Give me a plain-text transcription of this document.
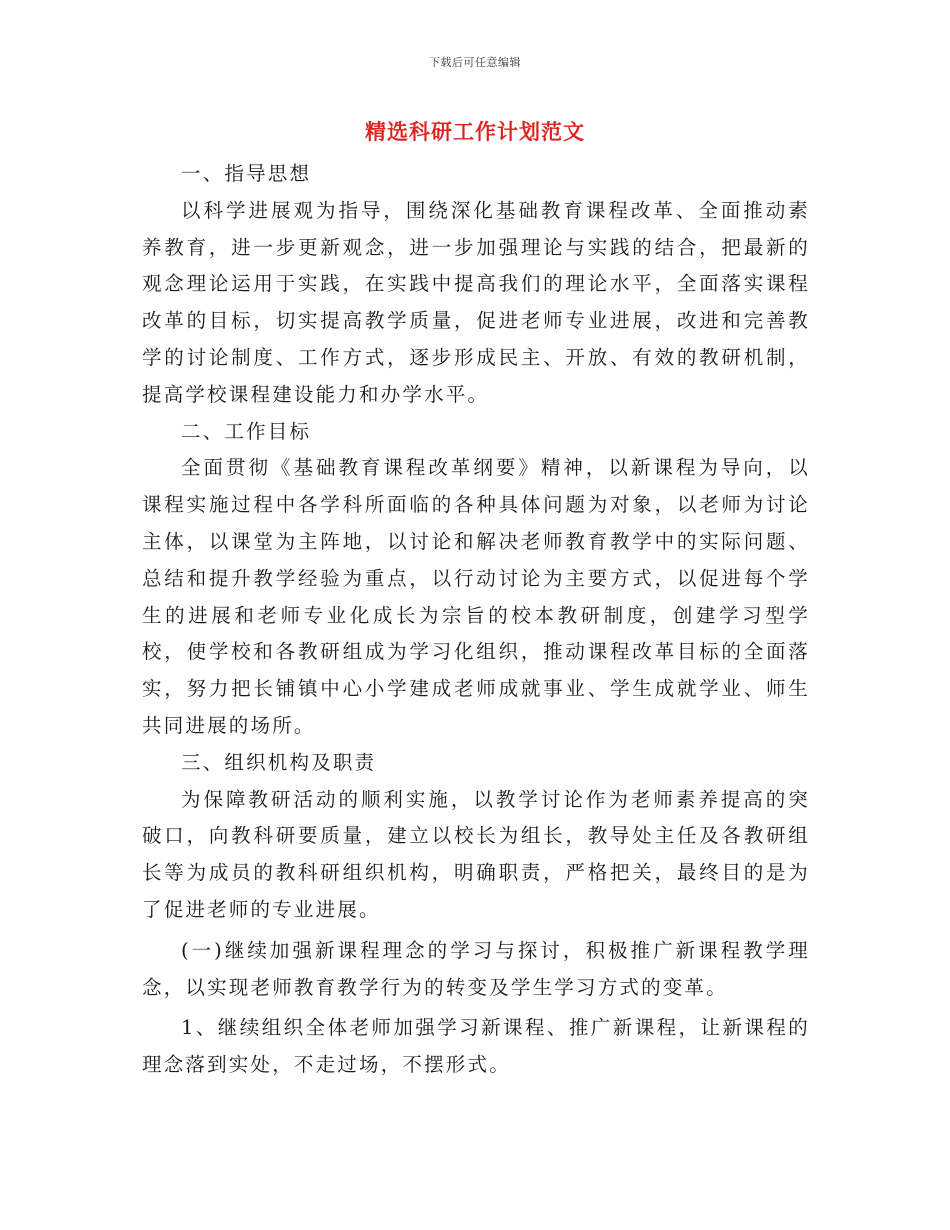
下载后可任意编辑
精选科研工作计划范文

一、指导思想

以科学进展观为指导，围绕深化基础教育课程改革、全面推动素养教育，进一步更新观念，进一步加强理论与实践的结合，把最新的观念理论运用于实践，在实践中提高我们的理论水平，全面落实课程改革的目标，切实提高教学质量，促进老师专业进展，改进和完善教学的讨论制度、工作方式，逐步形成民主、开放、有效的教研机制，提高学校课程建设能力和办学水平。

二、工作目标

全面贯彻《基础教育课程改革纲要》精神，以新课程为导向，以课程实施过程中各学科所面临的各种具体问题为对象，以老师为讨论主体，以课堂为主阵地，以讨论和解决老师教育教学中的实际问题、总结和提升教学经验为重点，以行动讨论为主要方式，以促进每个学生的进展和老师专业化成长为宗旨的校本教研制度，创建学习型学校，使学校和各教研组成为学习化组织，推动课程改革目标的全面落实，努力把长铺镇中心小学建成老师成就事业、学生成就学业、师生共同进展的场所。

三、组织机构及职责

为保障教研活动的顺利实施，以教学讨论作为老师素养提高的突破口，向教科研要质量，建立以校长为组长，教导处主任及各教研组长等为成员的教科研组织机构，明确职责，严格把关，最终目的是为了促进老师的专业进展。

(一)继续加强新课程理念的学习与探讨，积极推广新课程教学理念，以实现老师教育教学行为的转变及学生学习方式的变革。

1、继续组织全体老师加强学习新课程、推广新课程，让新课程的理念落到实处，不走过场，不摆形式。
